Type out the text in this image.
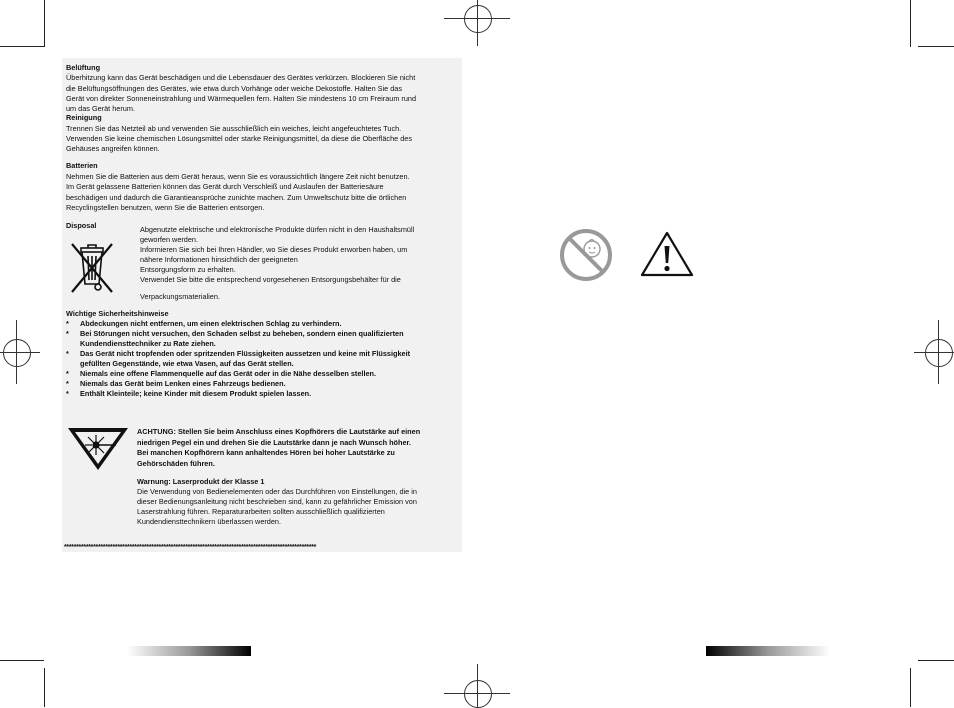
Belüftung
Überhitzung kann das Gerät beschädigen und die Lebensdauer des Gerätes verkürzen. Blockieren Sie nicht
die Belüftungsöffnungen des Gerätes, wie etwa durch Vorhänge oder weiche Dekostoffe. Halten Sie das
Gerät von direkter Sonneneinstrahlung und Wärmequellen fern. Halten Sie mindestens 10 cm Freiraum rund
um das Gerät herum.
Reinigung
Trennen Sie das Netzteil ab und verwenden Sie ausschließlich ein weiches, leicht angefeuchtetes Tuch.
Verwenden Sie keine chemischen Lösungsmittel oder starke Reinigungsmittel, da diese die Oberfläche des
Gehäuses angreifen können.
Batterien
Nehmen Sie die Batterien aus dem Gerät heraus, wenn Sie es voraussichtlich längere Zeit nicht benutzen.
Im Gerät gelassene Batterien können das Gerät durch Verschleiß und Auslaufen der Batteriesäure
beschädigen und dadurch die Garantieansprüche zunichte machen. Zum Umweltschutz bitte die örtlichen
Recyclingstellen benutzen, wenn Sie die Batterien entsorgen.
Disposal	Abgenutzte elektrische und elektronische Produkte dürfen nicht in den Haushaltsmüll
geworfen werden.
Informieren Sie sich bei Ihren Händler, wo Sie dieses Produkt erworben haben, um
nähere Informationen hinsichtlich der geeigneten
Entsorgungsform zu erhalten.
Verwendet Sie bitte die entsprechend vorgesehenen Entsorgungsbehälter für die
Verpackungsmaterialien.
Wichtige Sicherheitshinweise
* Abdeckungen nicht entfernen, um einen elektrischen Schlag zu verhindern.
* Bei Störungen nicht versuchen, den Schaden selbst zu beheben, sondern einen qualifizierten
Kundendiensttechniker zu Rate ziehen.
* Das Gerät nicht tropfenden oder spritzenden Flüssigkeiten aussetzen und keine mit Flüssigkeit
gefüllten Gegenstände, wie etwa Vasen, auf das Gerät stellen.
* Niemals eine offene Flammenquelle auf das Gerät oder in die Nähe desselben stellen.
* Niemals das Gerät beim Lenken eines Fahrzeugs bedienen.
* Enthält Kleinteile; keine Kinder mit diesem Produkt spielen lassen.
ACHTUNG: Stellen Sie beim Anschluss eines Kopfhörers die Lautstärke auf einen
niedrigen Pegel ein und drehen Sie die Lautstärke dann je nach Wunsch höher.
Bei manchen Kopfhörern kann anhaltendes Hören bei hoher Lautstärke zu
Gehörschäden führen.
Warnung: Laserprodukt der Klasse 1
Die Verwendung von Bedienelementen oder das Durchführen von Einstellungen, die in
dieser Bedienungsanleitung nicht beschrieben sind, kann zu gefährlicher Emission von
Laserstrahlung führen. Reparaturarbeiten sollten ausschließlich qualifizierten
Kundendiensttechnikern überlassen werden.
********************************************************************************************************
